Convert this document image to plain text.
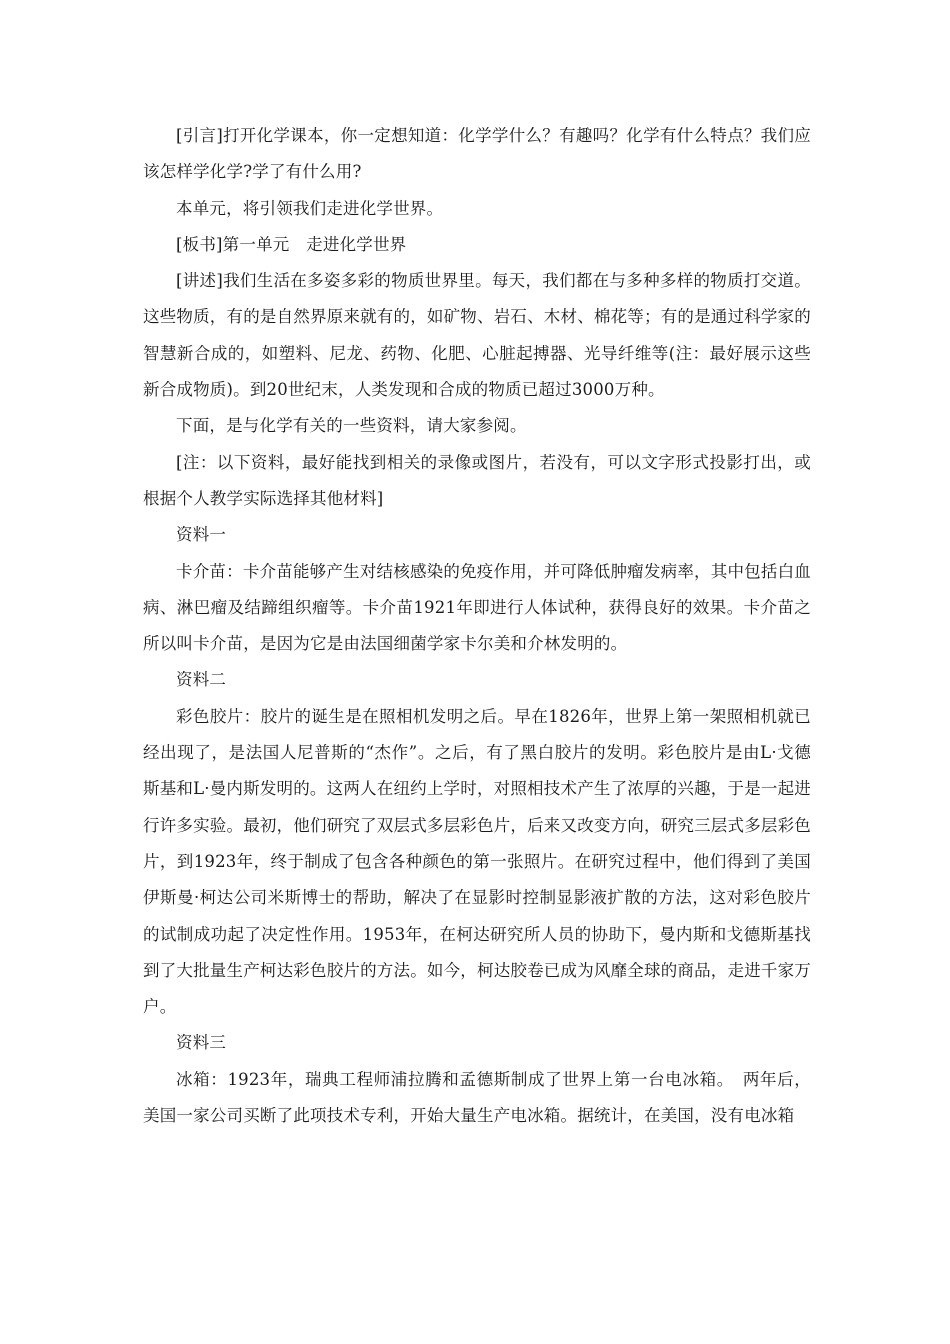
[引言]打开化学课本，你一定想知道：化学学什么？有趣吗？化学有什么特点？我们应该怎样学化学?学了有什么用?

本单元，将引领我们走进化学世界。

[板书]第一单元　走进化学世界

[讲述]我们生活在多姿多彩的物质世界里。每天，我们都在与多种多样的物质打交道。这些物质，有的是自然界原来就有的，如矿物、岩石、木材、棉花等；有的是通过科学家的智慧新合成的，如塑料、尼龙、药物、化肥、心脏起搏器、光导纤维等(注：最好展示这些新合成物质)。到20世纪末，人类发现和合成的物质已超过3000万种。

下面，是与化学有关的一些资料，请大家参阅。

[注：以下资料，最好能找到相关的录像或图片，若没有，可以文字形式投影打出，或根据个人教学实际选择其他材料]

资料一

卡介苗：卡介苗能够产生对结核感染的免疫作用，并可降低肿瘤发病率，其中包括白血病、淋巴瘤及结蹄组织瘤等。卡介苗1921年即进行人体试种，获得良好的效果。卡介苗之所以叫卡介苗，是因为它是由法国细菌学家卡尔美和介林发明的。

资料二

彩色胶片：胶片的诞生是在照相机发明之后。早在1826年，世界上第一架照相机就已经出现了，是法国人尼普斯的“杰作”。之后，有了黑白胶片的发明。彩色胶片是由L·戈德斯基和L·曼内斯发明的。这两人在纽约上学时，对照相技术产生了浓厚的兴趣，于是一起进行许多实验。最初，他们研究了双层式多层彩色片，后来又改变方向，研究三层式多层彩色片，到1923年，终于制成了包含各种颜色的第一张照片。在研究过程中，他们得到了美国伊斯曼·柯达公司米斯博士的帮助，解决了在显影时控制显影液扩散的方法，这对彩色胶片的试制成功起了决定性作用。1953年，在柯达研究所人员的协助下，曼内斯和戈德斯基找到了大批量生产柯达彩色胶片的方法。如今，柯达胶卷已成为风靡全球的商品，走进千家万户。

资料三

冰箱：1923年，瑞典工程师浦拉腾和孟德斯制成了世界上第一台电冰箱。　两年后，美国一家公司买断了此项技术专利，开始大量生产电冰箱。据统计，在美国，没有电冰箱
